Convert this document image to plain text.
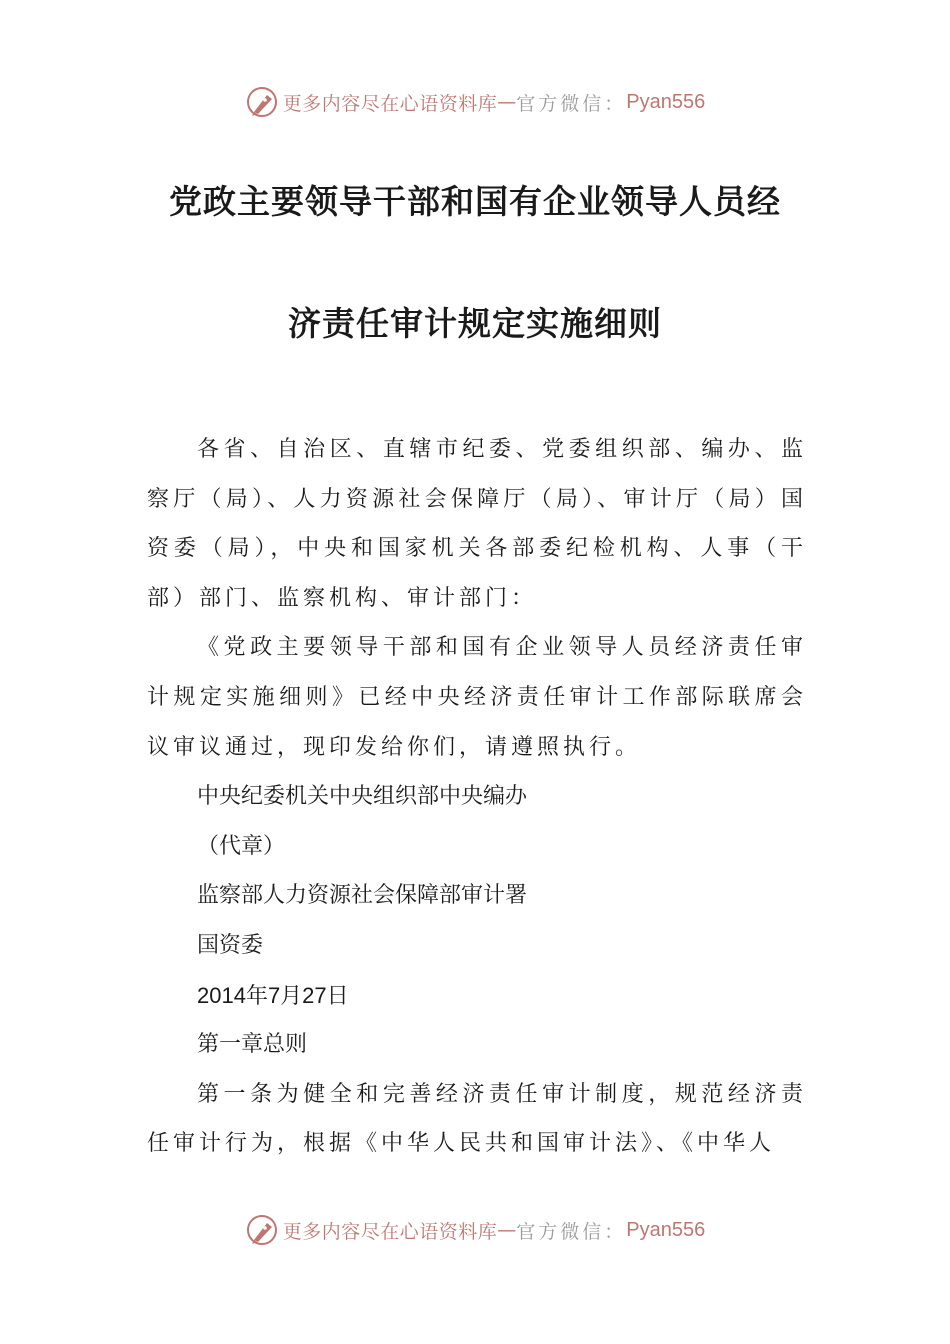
更多内容尽在心语资料库 — 官方微信： Pyan556
党政主要领导干部和国有企业领导人员经
济责任审计规定实施细则

各省、自治区、直辖市纪委、党委组织部、编办、监察厅（局）、人力资源社会保障厅（局）、审计厅（局）国资委（局），中央和国家机关各部委纪检机构、人事（干部）部门、监察机构、审计部门：

《党政主要领导干部和国有企业领导人员经济责任审计规定实施细则》已经中央经济责任审计工作部际联席会议审议通过，现印发给你们，请遵照执行。

中央纪委机关中央组织部中央编办

（代章）

监察部人力资源社会保障部审计署

国资委

2014年7月27日

第一章总则

第一条为健全和完善经济责任审计制度，规范经济责任审计行为，根据《中华人民共和国审计法》、《中华人

更多内容尽在心语资料库 — 官方微信： Pyan556
